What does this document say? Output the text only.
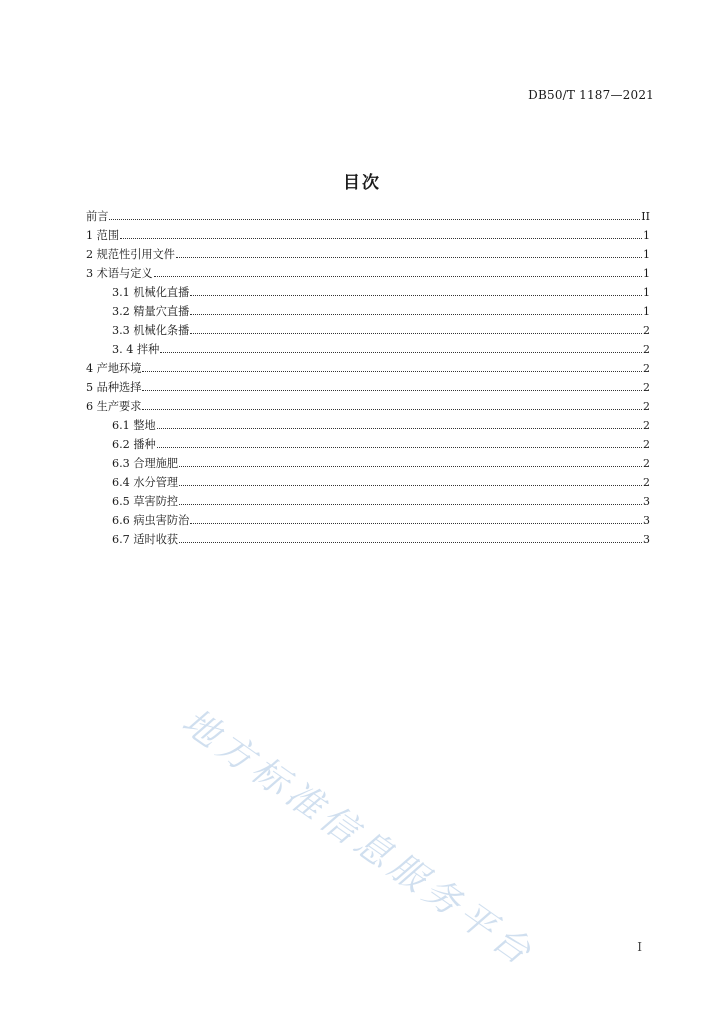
DB50/T 1187—2021
目次
前言	II
1 范围	1
2 规范性引用文件	1
3 术语与定义	1
3.1 机械化直播	1
3.2 精量穴直播	1
3.3 机械化条播	2
3. 4 拌种	2
4 产地环境	2
5 品种选择	2
6 生产要求	2
6.1 整地	2
6.2 播种	2
6.3 合理施肥	2
6.4 水分管理	2
6.5 草害防控	3
6.6 病虫害防治	3
6.7 适时收获	3
地方标准信息服务平台	I
